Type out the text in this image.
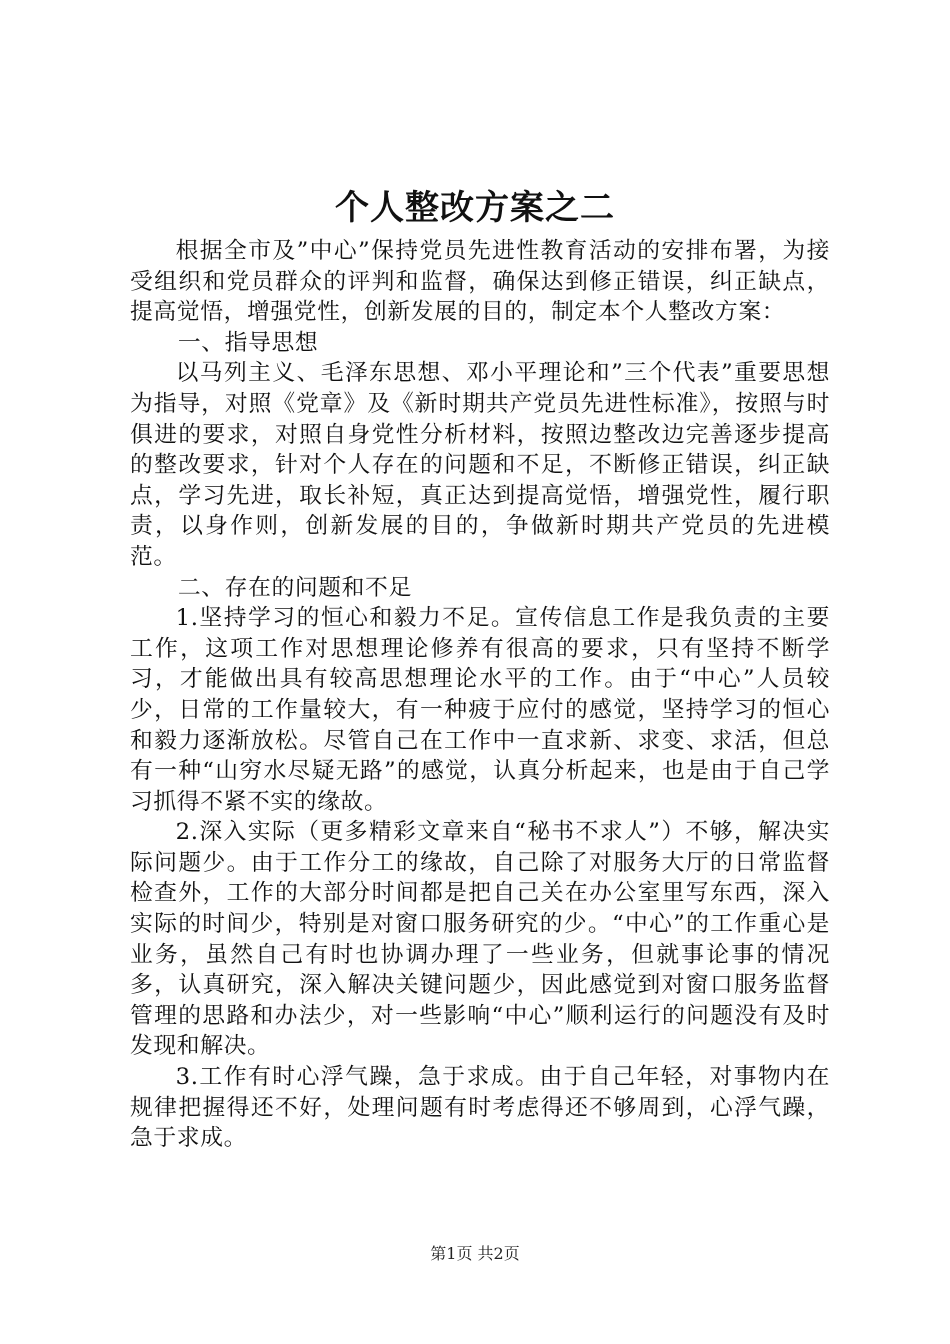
个人整改方案之二

根据全市及”中心”保持党员先进性教育活动的安排布署，为接受组织和党员群众的评判和监督，确保达到修正错误，纠正缺点，提高觉悟，增强党性，创新发展的目的，制定本个人整改方案：

一、指导思想

以马列主义、毛泽东思想、邓小平理论和”三个代表”重要思想为指导，对照《党章》及《新时期共产党员先进性标准》，按照与时俱进的要求，对照自身党性分析材料，按照边整改边完善逐步提高的整改要求，针对个人存在的问题和不足，不断修正错误，纠正缺点，学习先进，取长补短，真正达到提高觉悟，增强党性，履行职责，以身作则，创新发展的目的，争做新时期共产党员的先进模范。

二、存在的问题和不足

1.坚持学习的恒心和毅力不足。宣传信息工作是我负责的主要工作，这项工作对思想理论修养有很高的要求，只有坚持不断学习，才能做出具有较高思想理论水平的工作。由于“中心”人员较少，日常的工作量较大，有一种疲于应付的感觉，坚持学习的恒心和毅力逐渐放松。尽管自己在工作中一直求新、求变、求活，但总有一种“山穷水尽疑无路”的感觉，认真分析起来，也是由于自己学习抓得不紧不实的缘故。

2.深入实际（更多精彩文章来自“秘书不求人”）不够，解决实际问题少。由于工作分工的缘故，自己除了对服务大厅的日常监督检查外，工作的大部分时间都是把自己关在办公室里写东西，深入实际的时间少，特别是对窗口服务研究的少。“中心”的工作重心是业务，虽然自己有时也协调办理了一些业务，但就事论事的情况多，认真研究，深入解决关键问题少，因此感觉到对窗口服务监督管理的思路和办法少，对一些影响“中心”顺利运行的问题没有及时发现和解决。

3.工作有时心浮气躁，急于求成。由于自己年轻，对事物内在规律把握得还不好，处理问题有时考虑得还不够周到，心浮气躁，急于求成。

第1页 共2页
